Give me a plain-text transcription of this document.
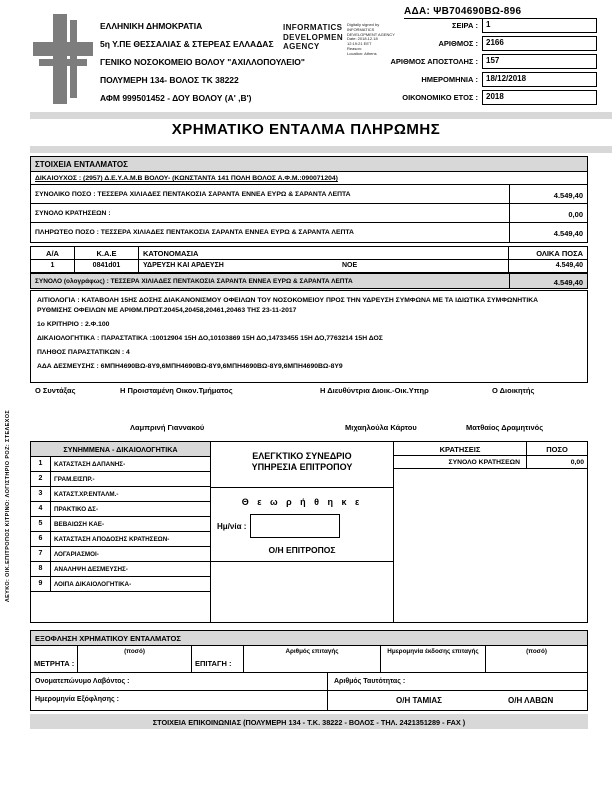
ΑΔΑ: ΨΒ704690ΒΩ-896
ΕΛΛΗΝΙΚΗ ΔΗΜΟΚΡΑΤΙΑ
5η Υ.ΠΕ ΘΕΣΣΑΛΙΑΣ & ΣΤΕΡΕΑΣ ΕΛΛΑΔΑΣ
ΓΕΝΙΚΟ ΝΟΣΟΚΟΜΕΙΟ ΒΟΛΟΥ "ΑΧΙΛΛΟΠΟΥΛΕΙΟ"
ΠΟΛΥΜΕΡΗ 134- ΒΟΛΟΣ ΤΚ 38222
ΑΦΜ 999501452 - ΔΟΥ ΒΟΛΟΥ (Α' ,Β')
INFORMATICS
DEVELOPMEN
AGENCY
Digitally signed by
INFORMATICS
DEVELOPMENT AGENCY
Date: 2018.12.18
12:19:21 EET
Reason:
Location: Athens
ΣΕΙΡΑ :	1
ΑΡΙΘΜΟΣ :	2166
ΑΡΙΘΜΟΣ ΑΠΟΣΤΟΛΗΣ :	157
ΗΜΕΡΟΜΗΝΙΑ :	18/12/2018
ΟΙΚΟΝΟΜΙΚΟ ΕΤΟΣ :	2018
ΧΡΗΜΑΤΙΚΟ ΕΝΤΑΛΜΑ ΠΛΗΡΩΜΗΣ
ΣΤΟΙΧΕΙΑ ΕΝΤΑΛΜΑΤΟΣ
ΔΙΚΑΙΟΥΧΟΣ : (2957) Δ.Ε.Υ.Α.Μ.Β ΒΟΛΟΥ- (ΚΩΝΣΤΑΝΤΑ 141 ΠΟΛΗ ΒΟΛΟΣ Α.Φ.Μ.:090071204)
ΣΥΝΟΛΙΚΟ ΠΟΣΟ : ΤΕΣΣΕΡΑ ΧΙΛΙΑΔΕΣ ΠΕΝΤΑΚΟΣΙΑ ΣΑΡΑΝΤΑ ΕΝΝΕΑ ΕΥΡΩ & ΣΑΡΑΝΤΑ ΛΕΠΤΑ	4.549,40
ΣΥΝΟΛΟ ΚΡΑΤΗΣΕΩΝ :	0,00
ΠΛΗΡΩΤΕΟ ΠΟΣΟ : ΤΕΣΣΕΡΑ ΧΙΛΙΑΔΕΣ ΠΕΝΤΑΚΟΣΙΑ ΣΑΡΑΝΤΑ ΕΝΝΕΑ ΕΥΡΩ & ΣΑΡΑΝΤΑ ΛΕΠΤΑ	4.549,40
Α/Α	Κ.Α.Ε	ΚΑΤΟΝΟΜΑΣΙΑ	ΟΛΙΚΑ ΠΟΣΑ
1	0841d01	ΥΔΡΕΥΣΗ ΚΑΙ ΑΡΔΕΥΣΗ	ΝΟΕ	4.549,40
ΣΥΝΟΛΟ (ολογράφως) : ΤΕΣΣΕΡΑ ΧΙΛΙΑΔΕΣ ΠΕΝΤΑΚΟΣΙΑ ΣΑΡΑΝΤΑ ΕΝΝΕΑ ΕΥΡΩ & ΣΑΡΑΝΤΑ ΛΕΠΤΑ	4.549,40

ΑΙΤΙΟΛΟΓΙΑ : ΚΑΤΑΒΟΛΗ 15ΗΣ ΔΟΣΗΣ ΔΙΑΚΑΝΟΝΙΣΜΟΥ ΟΦΕΙΛΩΝ ΤΟΥ ΝΟΣΟΚΟΜΕΙΟΥ ΠΡΟΣ ΤΗΝ ΥΔΡΕΥΣΗ ΣΥΜΦΩΝΑ ΜΕ ΤΑ ΙΔΙΩΤΙΚΑ ΣΥΜΦΩΝΗΤΙΚΑ ΡΥΘΜΙΣΗΣ ΟΦΕΙΛΩΝ ΜΕ ΑΡΙΘΜ.ΠΡΩΤ.20454,20458,20461,20463 ΤΗΣ 23-11-2017

1ο ΚΡΙΤΗΡΙΟ : 2.Φ.100

ΔΙΚΑΙΟΛΟΓΗΤΙΚΑ : ΠΑΡΑΣΤΑΤΙΚΑ :10012904 15Η ΔΟ,10103869 15Η ΔΟ,14733455 15Η ΔΟ,7763214 15Η ΔΟΣ

ΠΛΗΘΟΣ ΠΑΡΑΣΤΑΤΙΚΩΝ : 4

ΑΔΑ ΔΕΣΜΕΥΣΗΣ : 6ΜΠΗ4690ΒΩ-8Υ9,6ΜΠΗ4690ΒΩ-8Υ9,6ΜΠΗ4690ΒΩ-8Υ9,6ΜΠΗ4690ΒΩ-8Υ9

Ο Συντάξας	Η Προισταμένη Οικον.Τμήματος	Η Διευθύντρια Διοικ.-Οικ.Υπηρ	Ο Διοικητής
Λαμπρινή Γιαννακού	Μιχαηλούλα Κάρτου	Ματθαίος Δραμητινός
ΣΥΝΗΜΜΕΝΑ - ΔΙΚΑΙΟΛΟΓΗΤΙΚΑ
1	ΚΑΤΑΣΤΑΣΗ ΔΑΠΑΝΗΣ-
2	ΓΡΑΜ.ΕΙΣΠΡ.-
3	ΚΑΤΑΣΤ.ΧΡ.ΕΝΤΑΛΜ.-
4	ΠΡΑΚΤΙΚΟ ΔΣ-
5	ΒΕΒΑΙΩΣΗ ΚΑΕ-
6	ΚΑΤΑΣΤΑΣΗ ΑΠΟΔΟΣΗΣ ΚΡΑΤΗΣΕΩΝ-
7	ΛΟΓΑΡΙΑΣΜΟΙ-
8	ΑΝΑΛΗΨΗ ΔΕΣΜΕΥΣΗΣ-
9	ΛΟΙΠΑ ΔΙΚΑΙΟΛΟΓΗΤΙΚΑ-
ΕΛΕΓΚΤΙΚΟ ΣΥΝΕΔΡΙΟ
ΥΠΗΡΕΣΙΑ ΕΠΙΤΡΟΠΟΥ
Θ ε ω ρ ή θ η κ ε
Ημ/νία :
Ο/Η ΕΠΙΤΡΟΠΟΣ
ΚΡΑΤΗΣΕΙΣ	ΠΟΣΟ
ΣΥΝΟΛΟ ΚΡΑΤΗΣΕΩΝ	0,00
ΕΞΟΦΛΗΣΗ ΧΡΗΜΑΤΙΚΟΥ ΕΝΤΑΛΜΑΤΟΣ
ΜΕΤΡΗΤΑ :
(ποσό)
ΕΠΙΤΑΓΗ :
Αριθμός επιταγής	Ημερομηνία έκδοσης επιταγής	(ποσό)
Ονοματεπώνυμο Λαβόντος :	Αριθμός Ταυτότητας :
Ημερομηνία Εξόφλησης :	Ο/Η ΤΑΜΙΑΣ	Ο/Η ΛΑΒΩΝ
ΣΤΟΙΧΕΙΑ ΕΠΙΚΟΙΝΩΝΙΑΣ (ΠΟΛΥΜΕΡΗ 134 - Τ.Κ. 38222 - ΒΟΛΟΣ - ΤΗΛ. 2421351289 - FAX )
ΛΕΥΚΟ: ΟΙΚ.ΕΠΙΤΡΟΠΟΣ ΚΙΤΡΙΝΟ: ΛΟΓΙΣΤΗΡΙΟ ΡΟΖ: ΣΤΕΛΕΧΟΣ
